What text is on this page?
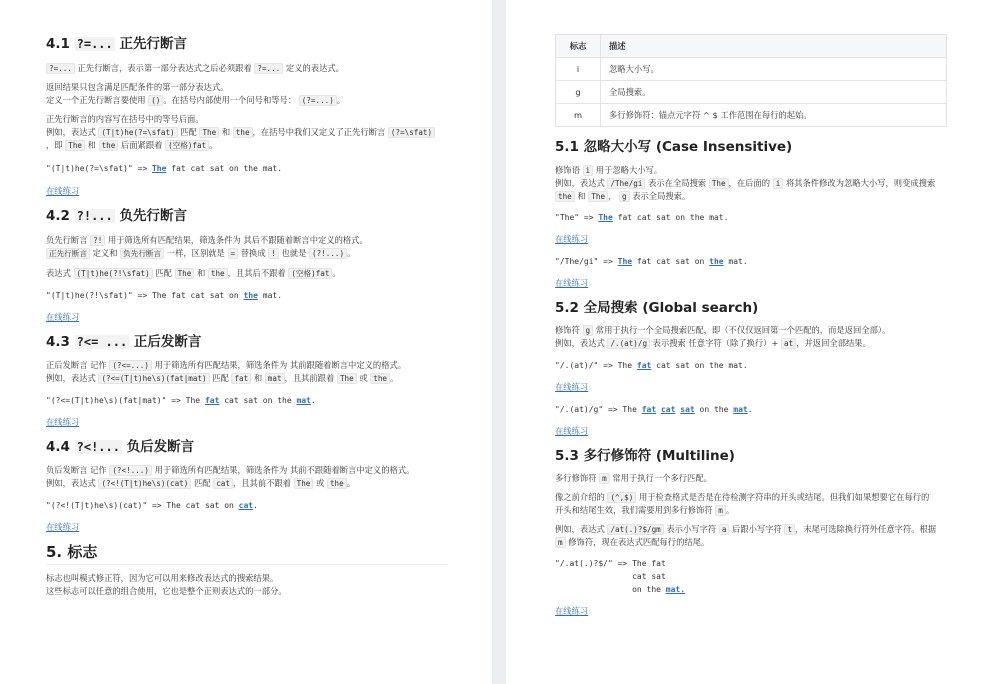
4.1 ?=... 正先行断言

?=... 正先行断言，表示第一部分表达式之后必须跟着 ?=... 定义的表达式。

返回结果只包含满足匹配条件的第一部分表达式。
定义一个正先行断言要使用 () 。在括号内部使用一个问号和等号： (?=...) 。

正先行断言的内容写在括号中的等号后面。
例如，表达式 (T|t)he(?=\sfat) 匹配 The 和 the ，在括号中我们又定义了正先行断言 (?=\sfat)
，即 The 和 the 后面紧跟着 (空格)fat 。

"(T|t)he(?=\sfat)" => The fat cat sat on the mat.
在线练习
4.2 ?!... 负先行断言

负先行断言 ?! 用于筛选所有匹配结果，筛选条件为 其后不跟随着断言中定义的格式。
正先行断言 定义和 负先行断言 一样，区别就是 = 替换成 ! 也就是 (?!...) 。

表达式 (T|t)he(?!\sfat) 匹配 The 和 the ，且其后不跟着 (空格)fat 。

"(T|t)he(?!\sfat)" => The fat cat sat on the mat.
在线练习
4.3 ?<= ... 正后发断言

正后发断言 记作 (?<=...) 用于筛选所有匹配结果，筛选条件为 其前跟随着断言中定义的格式。
例如，表达式 (?<=(T|t)he\s)(fat|mat) 匹配 fat 和 mat ，且其前跟着 The 或 the 。

"(?<=(T|t)he\s)(fat|mat)" => The fat cat sat on the mat.
在线练习
4.4 ?<!... 负后发断言

负后发断言 记作 (?<!...) 用于筛选所有匹配结果，筛选条件为 其前不跟随着断言中定义的格式。
例如，表达式 (?<!(T|t)he\s)(cat) 匹配 cat ，且其前不跟着 The 或 the 。

"(?<!(T|t)he\s)(cat)" => The cat sat on cat.
在线练习
5. 标志

标志也叫模式修正符，因为它可以用来修改表达式的搜索结果。
这些标志可以任意的组合使用，它也是整个正则表达式的一部分。

标志	描述
i	忽略大小写。
g	全局搜索。
m	多行修饰符：锚点元字符 ^ $ 工作范围在每行的起始。
5.1 忽略大小写 (Case Insensitive)

修饰语 i 用于忽略大小写。
例如，表达式 /The/gi 表示在全局搜索 The ，在后面的 i 将其条件修改为忽略大小写，则变成搜索
the 和 The ， g 表示全局搜索。

"The" => The fat cat sat on the mat.
在线练习
"/The/gi" => The fat cat sat on the mat.
在线练习
5.2 全局搜索 (Global search)

修饰符 g 常用于执行一个全局搜索匹配，即（不仅仅返回第一个匹配的，而是返回全部）。
例如，表达式 /.(at)/g 表示搜索 任意字符（除了换行）+ at ，并返回全部结果。

"/.(at)/" => The fat cat sat on the mat.
在线练习
"/.(at)/g" => The fat cat sat on the mat.
在线练习
5.3 多行修饰符 (Multiline)

多行修饰符 m 常用于执行一个多行匹配。

像之前介绍的 (^,$) 用于检查格式是否是在待检测字符串的开头或结尾。但我们如果想要它在每行的
开头和结尾生效，我们需要用到多行修饰符 m 。

例如，表达式 /at(.)?$/gm 表示小写字符 a 后跟小写字符 t ，末尾可选除换行符外任意字符。根据
m 修饰符，现在表达式匹配每行的结尾。

"/.at(.)?$/" => The fat
cat sat
on the mat.
在线练习
